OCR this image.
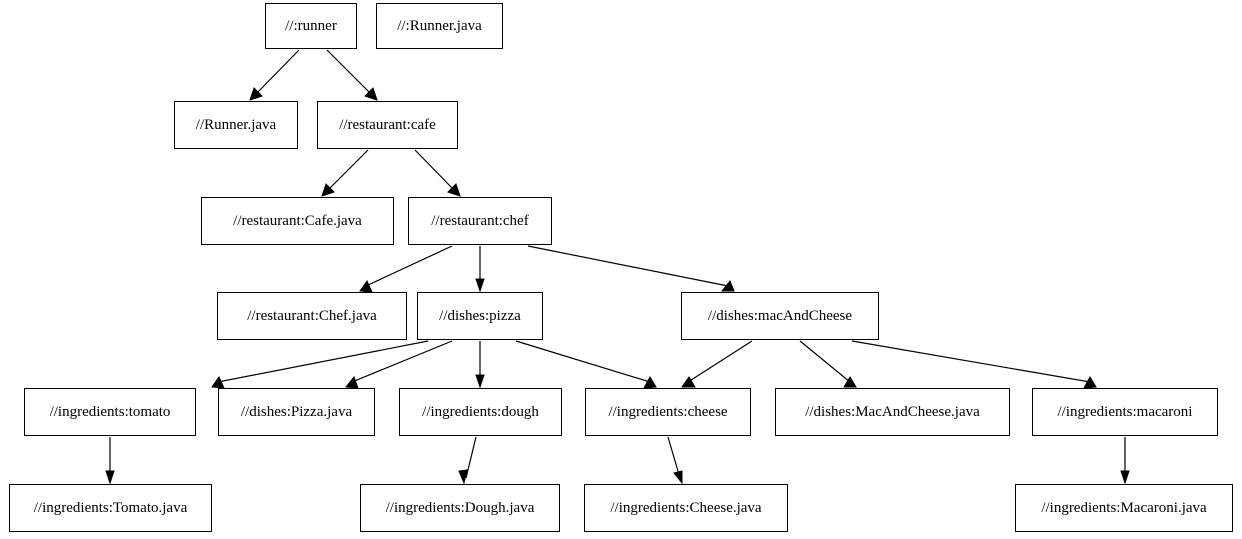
//:runner	//:Runner.java
//Runner.java	//restaurant:cafe
//restaurant:Cafe.java	//restaurant:chef
//restaurant:Chef.java	//dishes:pizza	//dishes:macAndCheese
//ingredients:tomato	//dishes:Pizza.java	//ingredients:dough	//ingredients:cheese	//dishes:MacAndCheese.java	//ingredients:macaroni
//ingredients:Tomato.java	//ingredients:Dough.java	//ingredients:Cheese.java	//ingredients:Macaroni.java
